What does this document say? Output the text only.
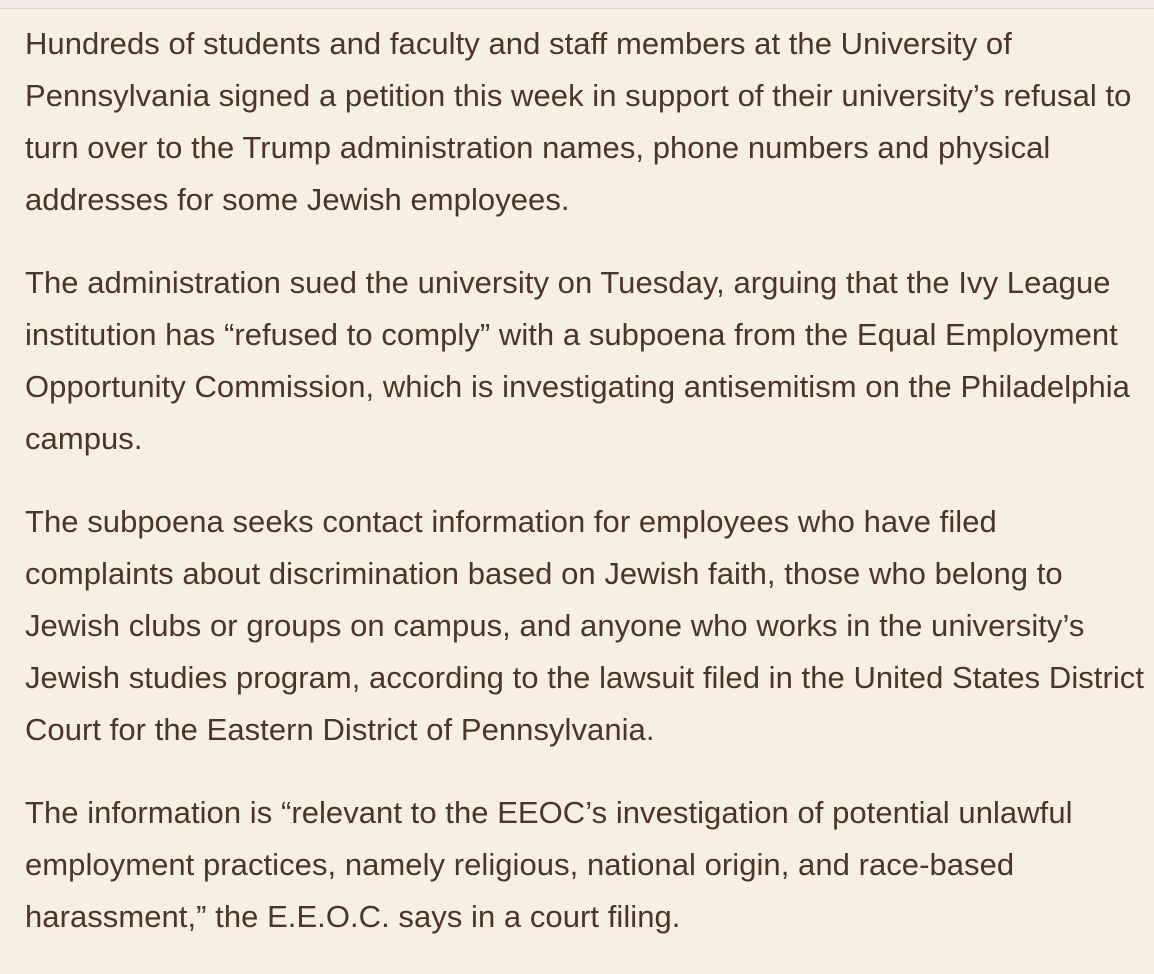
Hundreds of students and faculty and staff members at the University of Pennsylvania signed a petition this week in support of their university’s refusal to turn over to the Trump administration names, phone numbers and physical addresses for some Jewish employees.

The administration sued the university on Tuesday, arguing that the Ivy League institution has “refused to comply” with a subpoena from the Equal Employment Opportunity Commission, which is investigating antisemitism on the Philadelphia campus.

The subpoena seeks contact information for employees who have filed complaints about discrimination based on Jewish faith, those who belong to Jewish clubs or groups on campus, and anyone who works in the university’s Jewish studies program, according to the lawsuit filed in the United States District Court for the Eastern District of Pennsylvania.

The information is “relevant to the EEOC’s investigation of potential unlawful employment practices, namely religious, national origin, and race-based harassment,” the E.E.O.C. says in a court filing.
